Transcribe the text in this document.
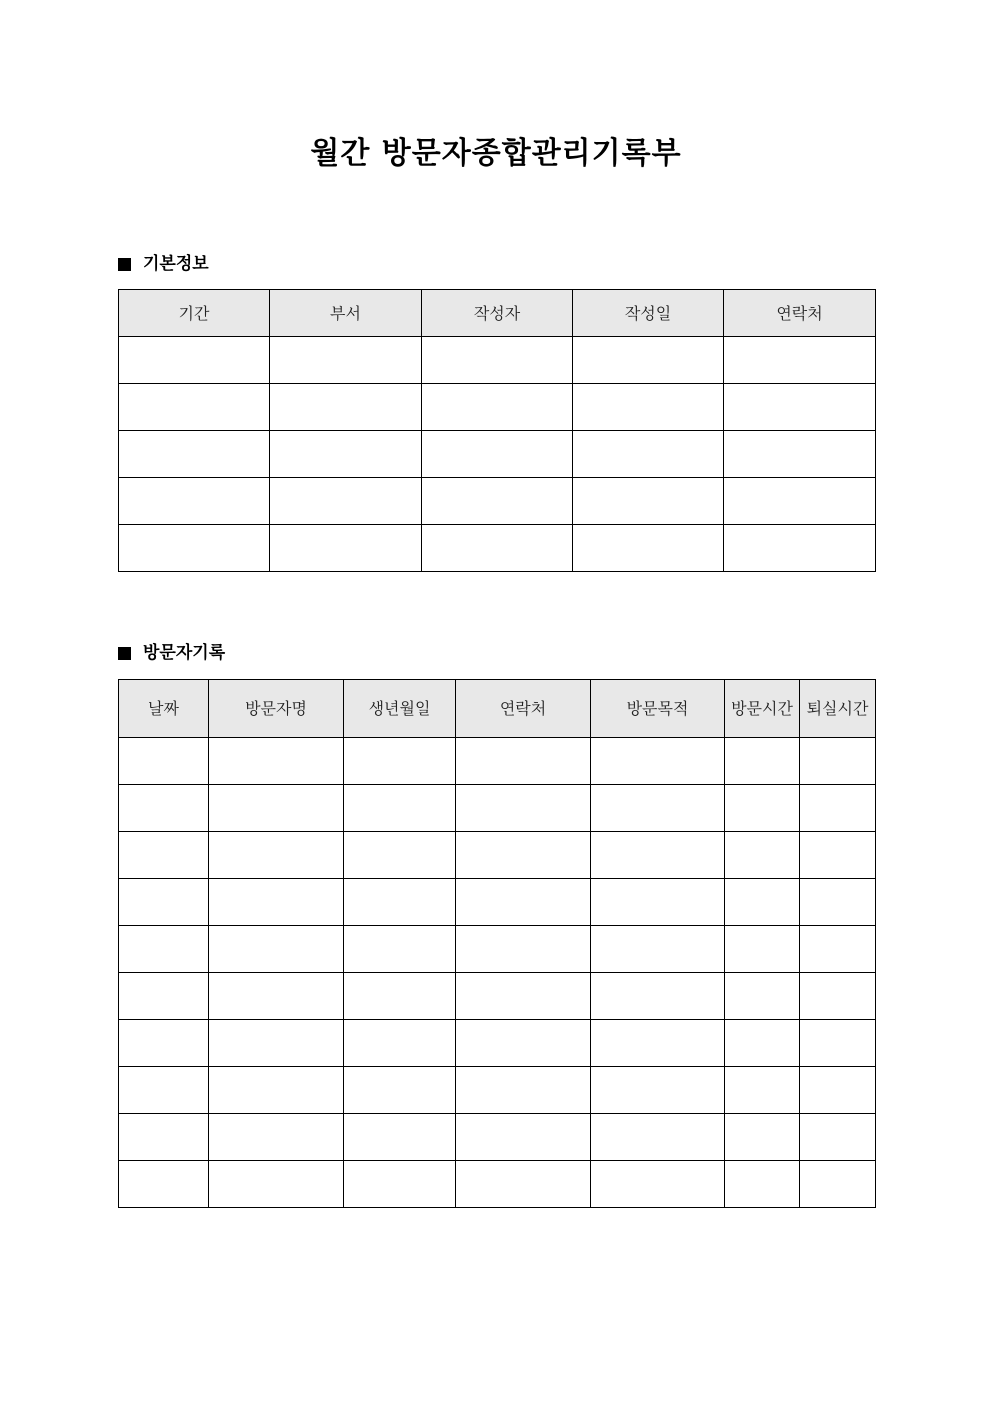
월간 방문자종합관리기록부
기본정보
기간	부서	작성자	작성일	연락처

방문자기록
날짜	방문자명	생년월일	연락처	방문목적	방문시간	퇴실시간
